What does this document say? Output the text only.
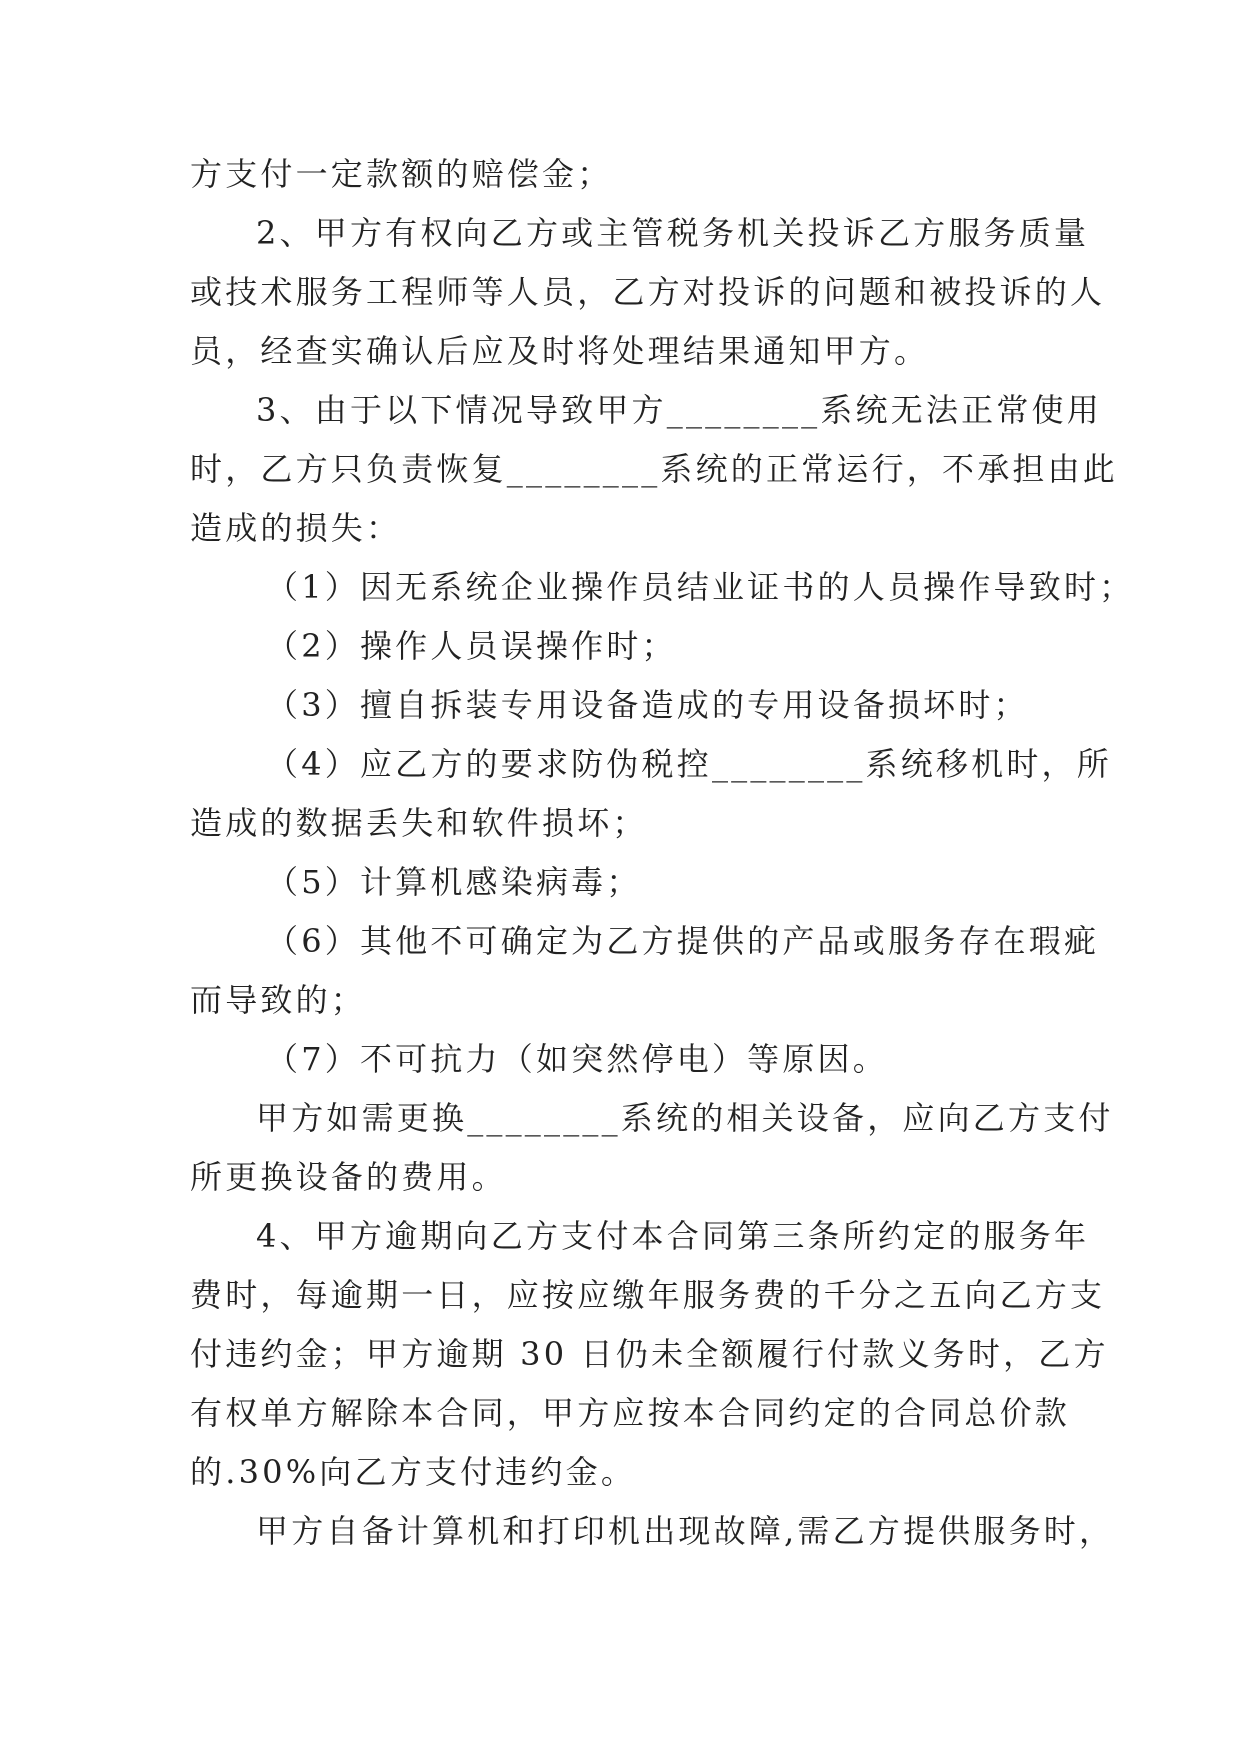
方支付一定款额的赔偿金；
2、甲方有权向乙方或主管税务机关投诉乙方服务质量
或技术服务工程师等人员，乙方对投诉的问题和被投诉的人
员，经查实确认后应及时将处理结果通知甲方。
3、由于以下情况导致甲方________系统无法正常使用
时，乙方只负责恢复________系统的正常运行，不承担由此
造成的损失：
（1）因无系统企业操作员结业证书的人员操作导致时；
（2）操作人员误操作时；
（3）擅自拆装专用设备造成的专用设备损坏时；
（4）应乙方的要求防伪税控________系统移机时，所
造成的数据丢失和软件损坏；
（5）计算机感染病毒；
（6）其他不可确定为乙方提供的产品或服务存在瑕疵
而导致的；
（7）不可抗力（如突然停电）等原因。
甲方如需更换________系统的相关设备，应向乙方支付
所更换设备的费用。
4、甲方逾期向乙方支付本合同第三条所约定的服务年
费时，每逾期一日，应按应缴年服务费的千分之五向乙方支
付违约金；甲方逾期 30 日仍未全额履行付款义务时，乙方
有权单方解除本合同，甲方应按本合同约定的合同总价款
的.30%向乙方支付违约金。
甲方自备计算机和打印机出现故障,需乙方提供服务时，
